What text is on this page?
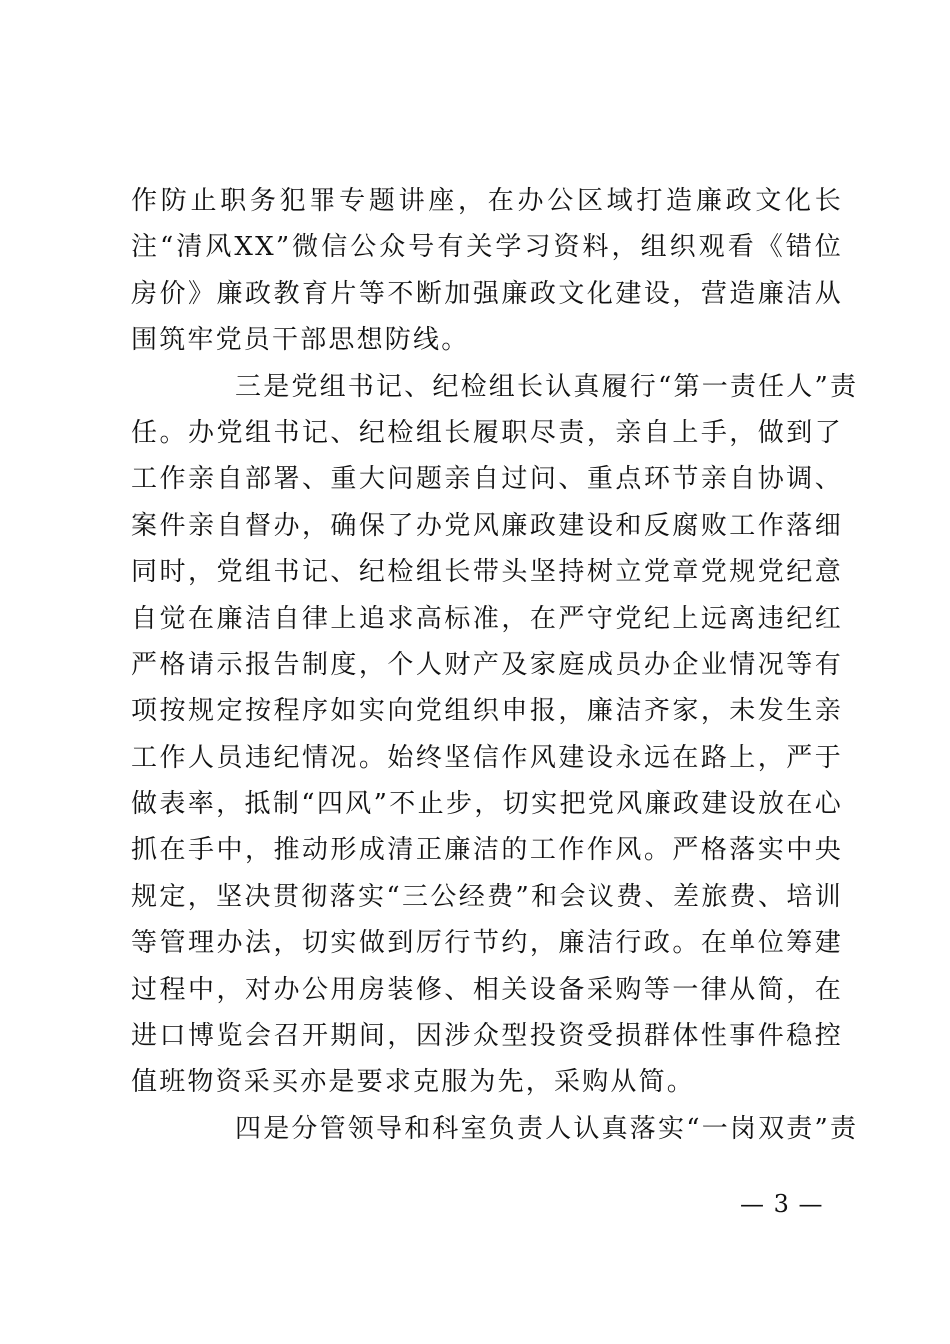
作防止职务犯罪专题讲座，在办公区域打造廉政文化长
注“清风XX”微信公众号有关学习资料，组织观看《错位
房价》廉政教育片等不断加强廉政文化建设，营造廉洁从
围筑牢党员干部思想防线。
三是党组书记、纪检组长认真履行“第一责任人”责
任。办党组书记、纪检组长履职尽责，亲自上手，做到了
工作亲自部署、重大问题亲自过问、重点环节亲自协调、
案件亲自督办，确保了办党风廉政建设和反腐败工作落细
同时，党组书记、纪检组长带头坚持树立党章党规党纪意
自觉在廉洁自律上追求高标准，在严守党纪上远离违纪红
严格请示报告制度，个人财产及家庭成员办企业情况等有
项按规定按程序如实向党组织申报，廉洁齐家，未发生亲
工作人员违纪情况。始终坚信作风建设永远在路上，严于
做表率，抵制“四风”不止步，切实把党风廉政建设放在心
抓在手中，推动形成清正廉洁的工作作风。严格落实中央
规定，坚决贯彻落实“三公经费”和会议费、差旅费、培训
等管理办法，切实做到厉行节约，廉洁行政。在单位筹建
过程中，对办公用房装修、相关设备采购等一律从简，在
进口博览会召开期间，因涉众型投资受损群体性事件稳控
值班物资采买亦是要求克服为先，采购从简。
四是分管领导和科室负责人认真落实“一岗双责”责
— 3 —
